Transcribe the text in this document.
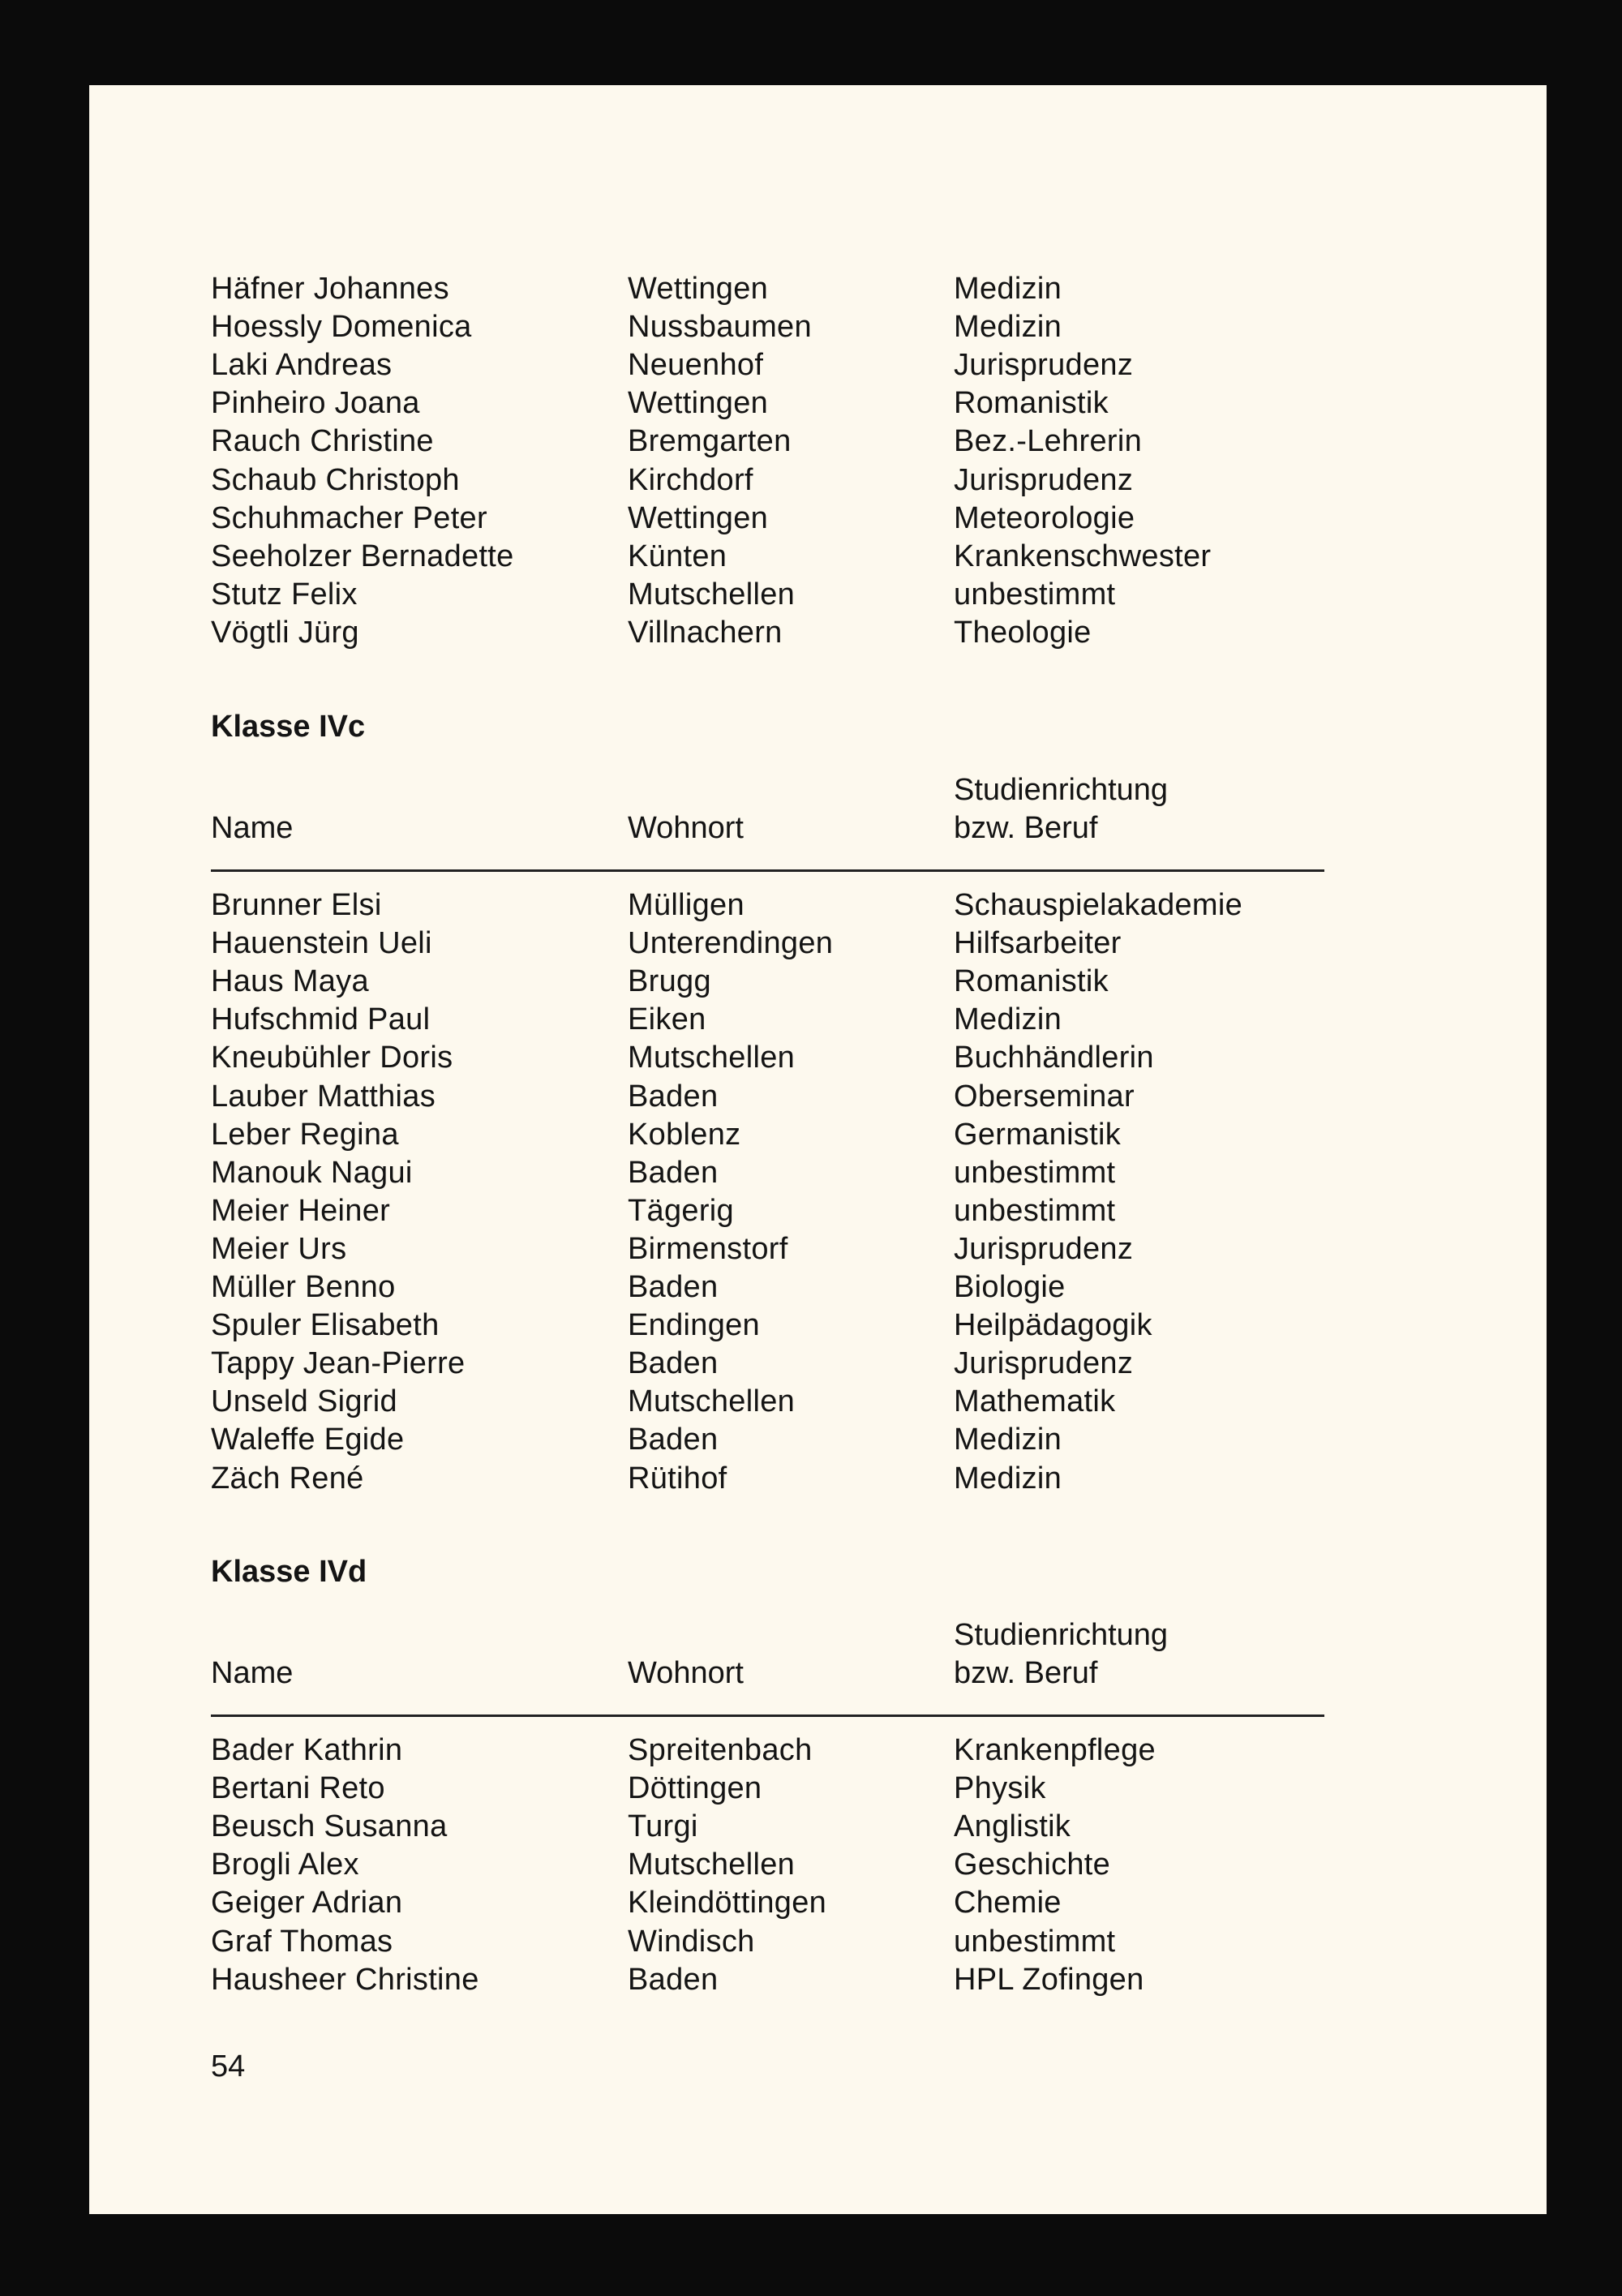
Häfner Johannes	Wettingen	Medizin
Hoessly Domenica	Nussbaumen	Medizin
Laki Andreas	Neuenhof	Jurisprudenz
Pinheiro Joana	Wettingen	Romanistik
Rauch Christine	Bremgarten	Bez.-Lehrerin
Schaub Christoph	Kirchdorf	Jurisprudenz
Schuhmacher Peter	Wettingen	Meteorologie
Seeholzer Bernadette	Künten	Krankenschwester
Stutz Felix	Mutschellen	unbestimmt
Vögtli Jürg	Villnachern	Theologie
Klasse IVc
Studienrichtung
Name	Wohnort	bzw. Beruf
Brunner Elsi	Mülligen	Schauspielakademie
Hauenstein Ueli	Unterendingen	Hilfsarbeiter
Haus Maya	Brugg	Romanistik
Hufschmid Paul	Eiken	Medizin
Kneubühler Doris	Mutschellen	Buchhändlerin
Lauber Matthias	Baden	Oberseminar
Leber Regina	Koblenz	Germanistik
Manouk Nagui	Baden	unbestimmt
Meier Heiner	Tägerig	unbestimmt
Meier Urs	Birmenstorf	Jurisprudenz
Müller Benno	Baden	Biologie
Spuler Elisabeth	Endingen	Heilpädagogik
Tappy Jean-Pierre	Baden	Jurisprudenz
Unseld Sigrid	Mutschellen	Mathematik
Waleffe Egide	Baden	Medizin
Zäch René	Rütihof	Medizin
Klasse IVd
Studienrichtung
Name	Wohnort	bzw. Beruf
Bader Kathrin	Spreitenbach	Krankenpflege
Bertani Reto	Döttingen	Physik
Beusch Susanna	Turgi	Anglistik
Brogli Alex	Mutschellen	Geschichte
Geiger Adrian	Kleindöttingen	Chemie
Graf Thomas	Windisch	unbestimmt
Hausheer Christine	Baden	HPL Zofingen
54
